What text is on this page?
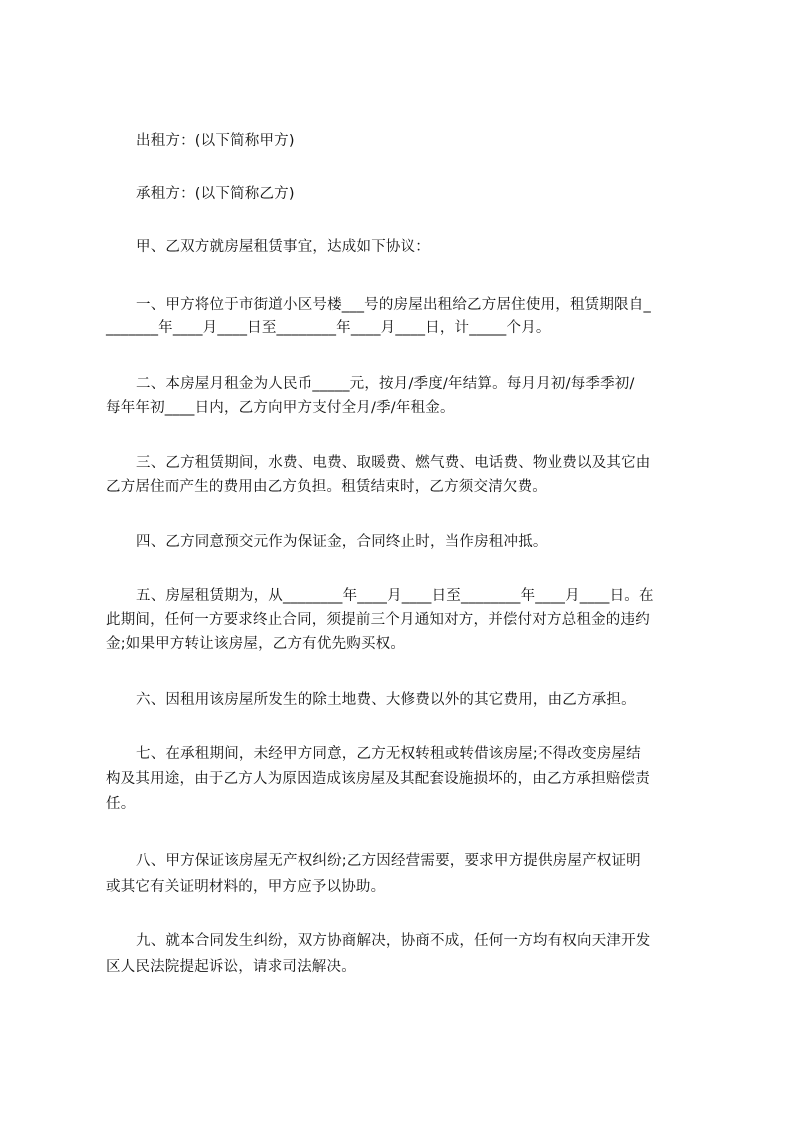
出租方：(以下简称甲方)
承租方：(以下简称乙方)
甲、乙双方就房屋租赁事宜，达成如下协议：
一、甲方将位于市街道小区号楼___号的房屋出租给乙方居住使用，租赁期限自_
_______年____月____日至________年____月____日，计_____个月。
二、本房屋月租金为人民币_____元，按月/季度/年结算。每月月初/每季季初/
每年年初____日内，乙方向甲方支付全月/季/年租金。
三、乙方租赁期间，水费、电费、取暖费、燃气费、电话费、物业费以及其它由
乙方居住而产生的费用由乙方负担。租赁结束时，乙方须交清欠费。
四、乙方同意预交元作为保证金，合同终止时，当作房租冲抵。
五、房屋租赁期为，从________年____月____日至________年____月____日。在
此期间，任何一方要求终止合同，须提前三个月通知对方，并偿付对方总租金的违约
金;如果甲方转让该房屋，乙方有优先购买权。
六、因租用该房屋所发生的除土地费、大修费以外的其它费用，由乙方承担。
七、在承租期间，未经甲方同意，乙方无权转租或转借该房屋;不得改变房屋结
构及其用途，由于乙方人为原因造成该房屋及其配套设施损坏的，由乙方承担赔偿责
任。
八、甲方保证该房屋无产权纠纷;乙方因经营需要，要求甲方提供房屋产权证明
或其它有关证明材料的，甲方应予以协助。
九、就本合同发生纠纷，双方协商解决，协商不成，任何一方均有权向天津开发
区人民法院提起诉讼，请求司法解决。
